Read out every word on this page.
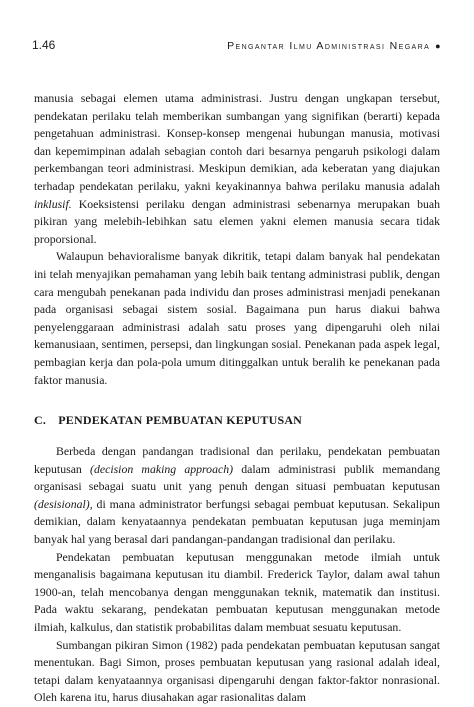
1.46	Pengantar Ilmu Administrasi Negara ●

manusia sebagai elemen utama administrasi. Justru dengan ungkapan tersebut, pendekatan perilaku telah memberikan sumbangan yang signifikan (berarti) kepada pengetahuan administrasi. Konsep-konsep mengenai hubungan manusia, motivasi dan kepemimpinan adalah sebagian contoh dari besarnya pengaruh psikologi dalam perkembangan teori administrasi. Meskipun demikian, ada keberatan yang diajukan terhadap pendekatan perilaku, yakni keyakinannya bahwa perilaku manusia adalah inklusif. Koeksistensi perilaku dengan administrasi sebenarnya merupakan buah pikiran yang melebih-lebihkan satu elemen yakni elemen manusia secara tidak proporsional.

Walaupun behavioralisme banyak dikritik, tetapi dalam banyak hal pendekatan ini telah menyajikan pemahaman yang lebih baik tentang administrasi publik, dengan cara mengubah penekanan pada individu dan proses administrasi menjadi penekanan pada organisasi sebagai sistem sosial. Bagaimana pun harus diakui bahwa penyelenggaraan administrasi adalah satu proses yang dipengaruhi oleh nilai kemanusiaan, sentimen, persepsi, dan lingkungan sosial. Penekanan pada aspek legal, pembagian kerja dan pola-pola umum ditinggalkan untuk beralih ke penekanan pada faktor manusia.

C. PENDEKATAN PEMBUATAN KEPUTUSAN

Berbeda dengan pandangan tradisional dan perilaku, pendekatan pembuatan keputusan (decision making approach) dalam administrasi publik memandang organisasi sebagai suatu unit yang penuh dengan situasi pembuatan keputusan (desisional), di mana administrator berfungsi sebagai pembuat keputusan. Sekalipun demikian, dalam kenyataannya pendekatan pembuatan keputusan juga meminjam banyak hal yang berasal dari pandangan-pandangan tradisional dan perilaku.

Pendekatan pembuatan keputusan menggunakan metode ilmiah untuk menganalisis bagaimana keputusan itu diambil. Frederick Taylor, dalam awal tahun 1900-an, telah mencobanya dengan menggunakan teknik, matematik dan institusi. Pada waktu sekarang, pendekatan pembuatan keputusan menggunakan metode ilmiah, kalkulus, dan statistik probabilitas dalam membuat sesuatu keputusan.

Sumbangan pikiran Simon (1982) pada pendekatan pembuatan keputusan sangat menentukan. Bagi Simon, proses pembuatan keputusan yang rasional adalah ideal, tetapi dalam kenyataannya organisasi dipengaruhi dengan faktor-faktor nonrasional. Oleh karena itu, harus diusahakan agar rasionalitas dalam
